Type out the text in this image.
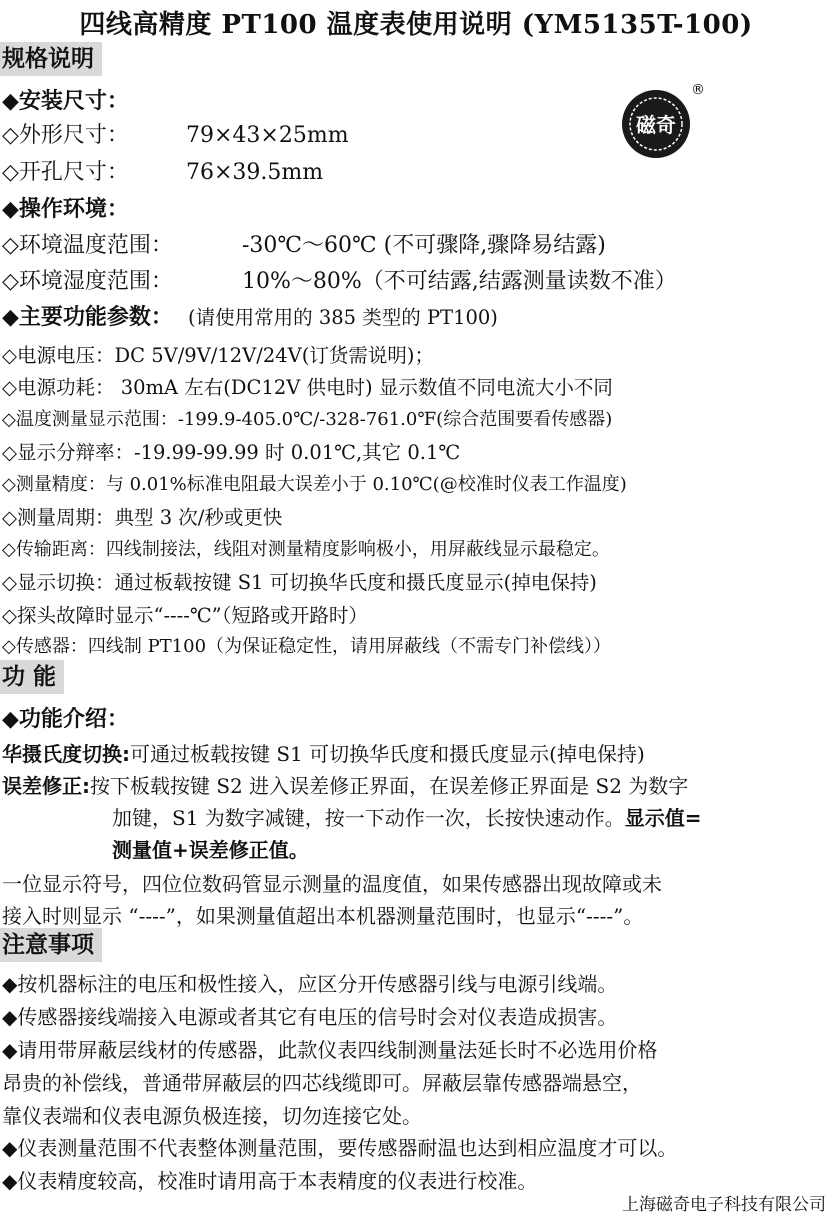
四线高精度 PT100 温度表使用说明 (YM5135T-100)
磁奇
®
规格说明
◆安装尺寸：
◇外形尺寸：	79×43×25mm
◇开孔尺寸：	76×39.5mm
◆操作环境：
◇环境温度范围：	-30℃～60℃ (不可骤降,骤降易结露)
◇环境湿度范围：	10%～80%（不可结露,结露测量读数不准）
◆主要功能参数： (请使用常用的 385 类型的 PT100)
◇电源电压：DC 5V/9V/12V/24V(订货需说明)；
◇电源功耗： 30mA 左右(DC12V 供电时) 显示数值不同电流大小不同
◇温度测量显示范围：-199.9-405.0℃/-328-761.0℉(综合范围要看传感器)
◇显示分辩率：-19.99-99.99 时 0.01℃,其它 0.1℃
◇测量精度：与 0.01%标准电阻最大误差小于 0.10℃(@校准时仪表工作温度)
◇测量周期：典型 3 次/秒或更快
◇传输距离：四线制接法，线阻对测量精度影响极小，用屏蔽线显示最稳定。
◇显示切换：通过板载按键 S1 可切换华氏度和摄氏度显示(掉电保持)
◇探头故障时显示“----℃”（短路或开路时）
◇传感器：四线制 PT100（为保证稳定性，请用屏蔽线（不需专门补偿线））
功 能
◆功能介绍：
华摄氏度切换:可通过板载按键 S1 可切换华氏度和摄氏度显示(掉电保持)
误差修正:按下板载按键 S2 进入误差修正界面，在误差修正界面是 S2 为数字
加键，S1 为数字减键，按一下动作一次，长按快速动作。显示值=
测量值+误差修正值。
一位显示符号，四位位数码管显示测量的温度值，如果传感器出现故障或未
接入时则显示 “----”，如果测量值超出本机器测量范围时，也显示“----”。
注意事项
◆按机器标注的电压和极性接入，应区分开传感器引线与电源引线端。
◆传感器接线端接入电源或者其它有电压的信号时会对仪表造成损害。
◆请用带屏蔽层线材的传感器，此款仪表四线制测量法延长时不必选用价格
昂贵的补偿线，普通带屏蔽层的四芯线缆即可。屏蔽层靠传感器端悬空，
靠仪表端和仪表电源负极连接，切勿连接它处。
◆仪表测量范围不代表整体测量范围，要传感器耐温也达到相应温度才可以。
◆仪表精度较高，校准时请用高于本表精度的仪表进行校准。
上海磁奇电子科技有限公司
